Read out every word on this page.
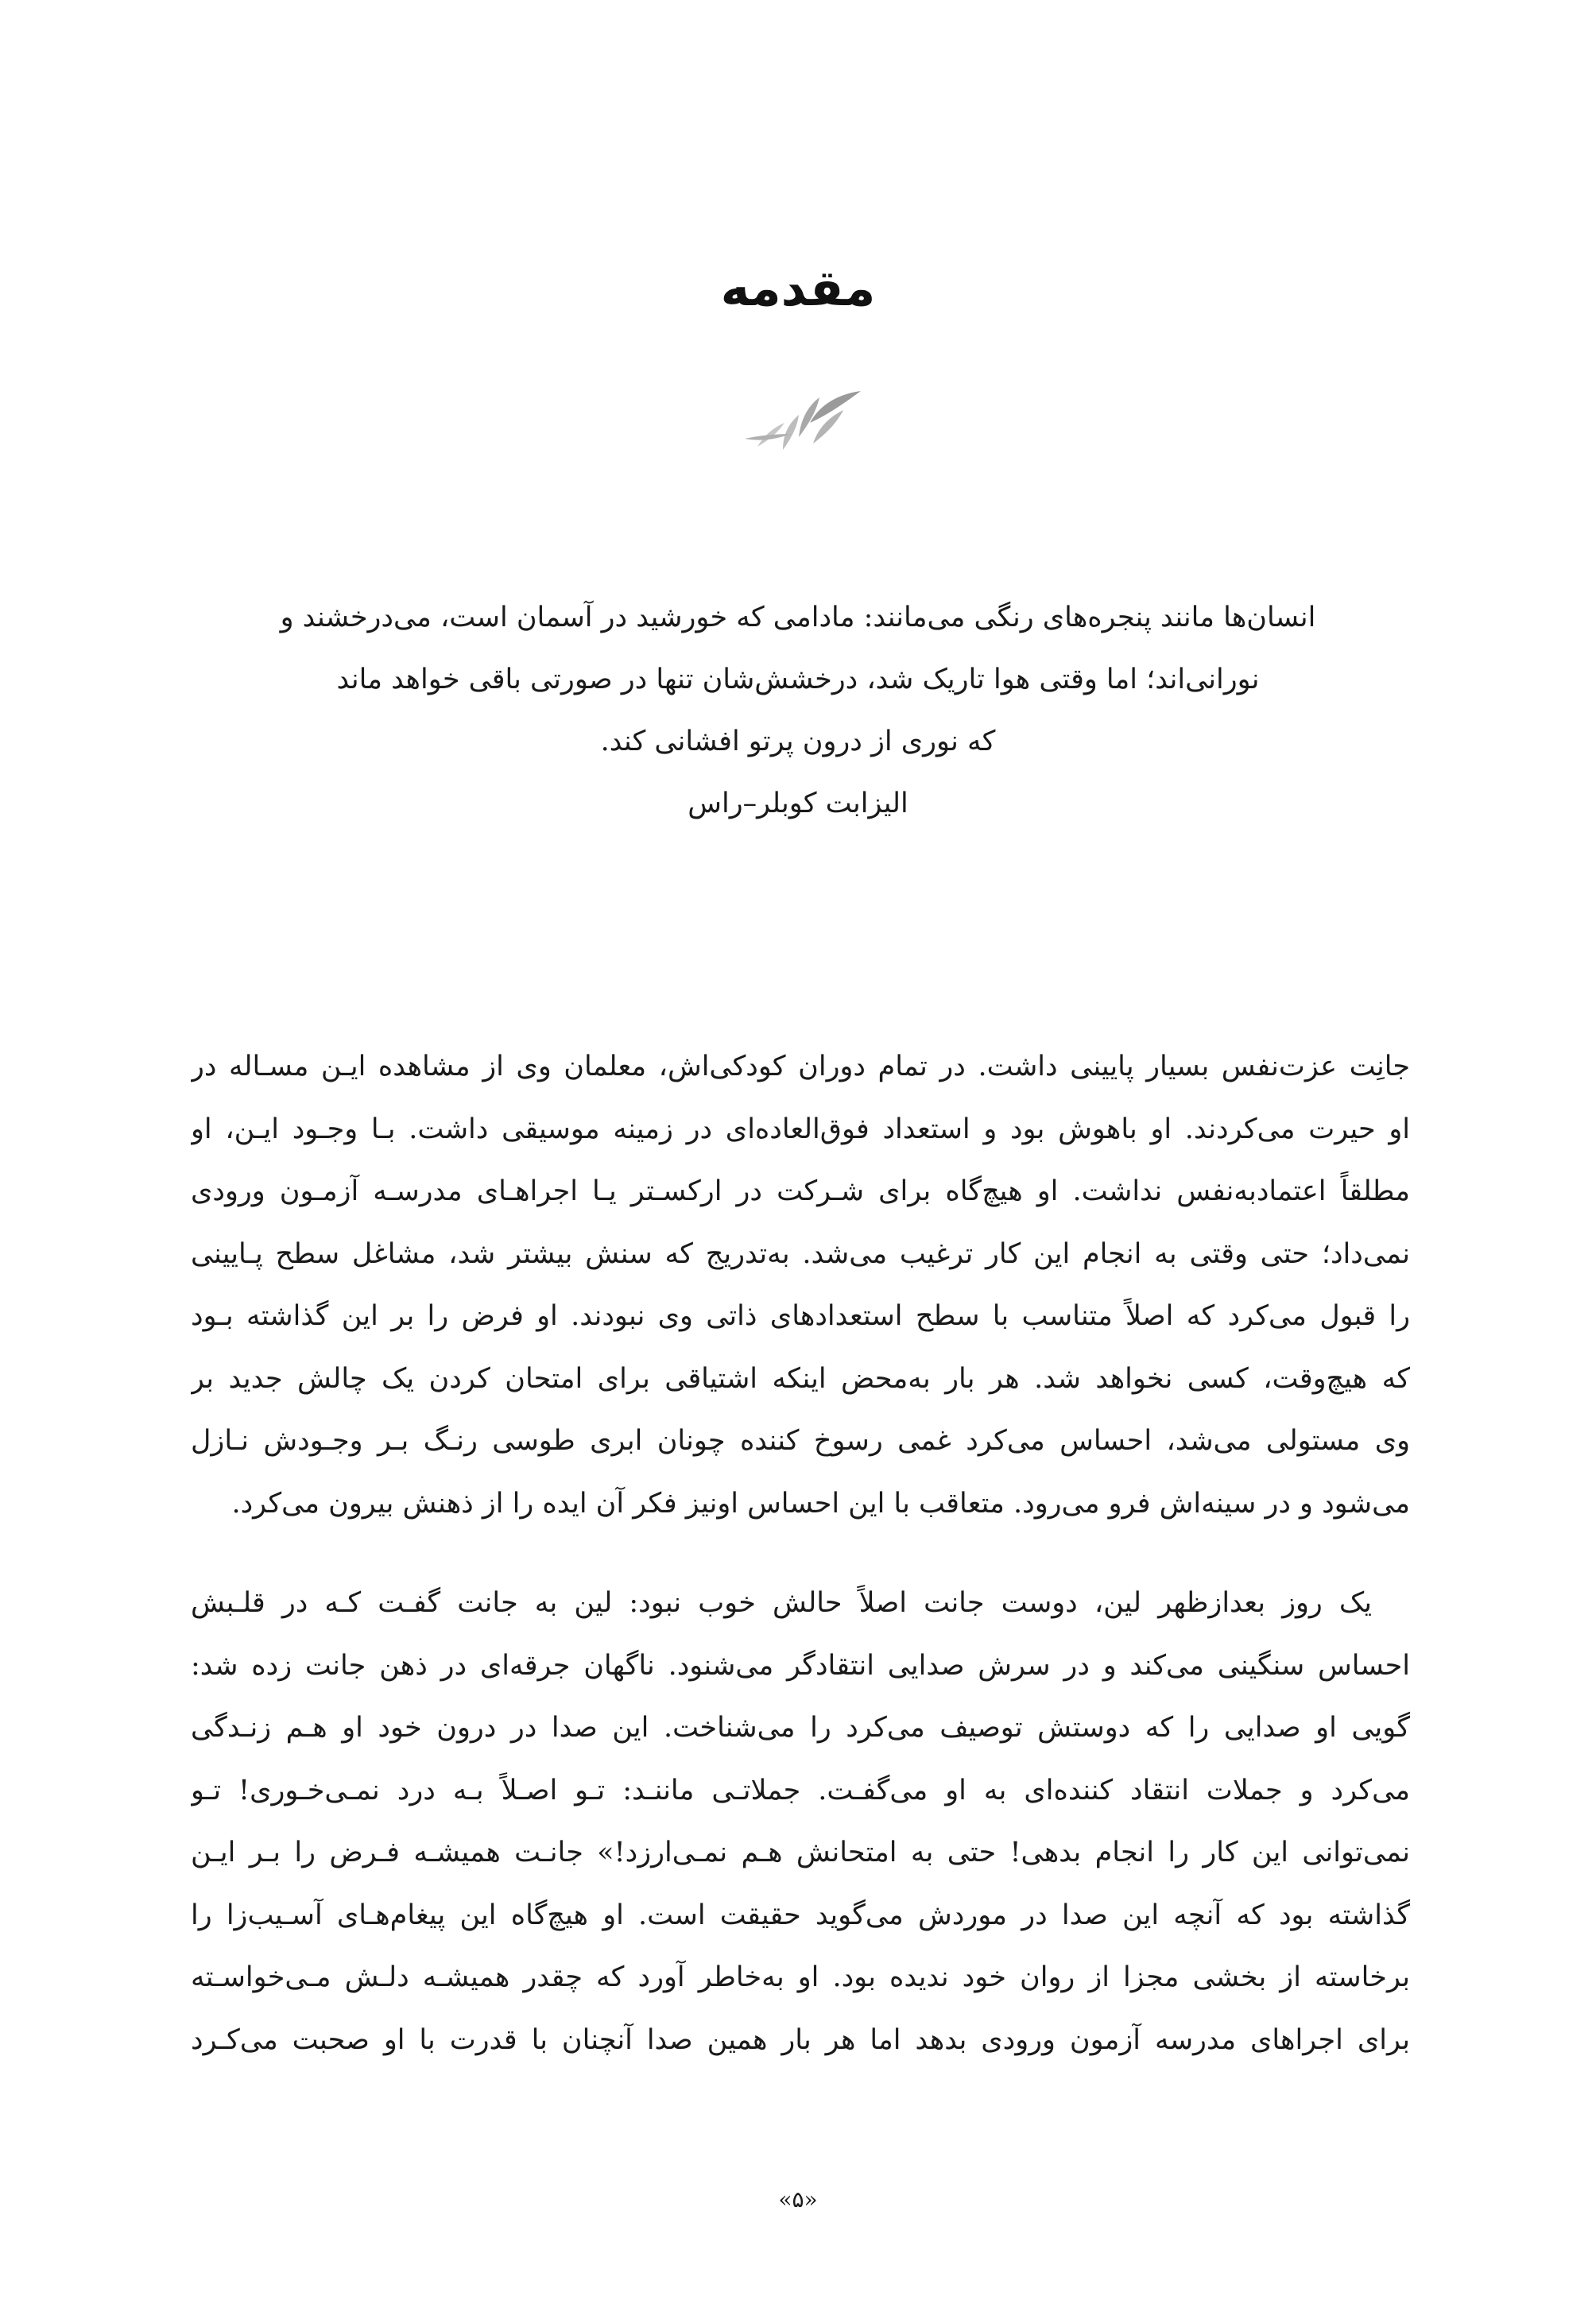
مقدمه
انسان‌ها مانند پنجره‌های رنگی می‌مانند: مادامی که خورشید در آسمان است، می‌درخشند و
نورانی‌اند؛ اما وقتی هوا تاریک شد، درخشش‌شان تنها در صورتی باقی خواهد ماند
که نوری از درون پرتو افشانی کند.
الیزابت کوبلر–راس
جانِت عزت‌نفس بسیار پایینی داشت. در تمام دوران کودکی‌اش، معلمان وی از مشاهده ایـن مسـاله در
او حیرت می‌کردند. او باهوش بود و استعداد فوق‌العاده‌ای در زمینه موسیقی داشت. بـا وجـود ایـن، او
مطلقاً اعتمادبه‌نفس نداشت. او هیچ‌گاه برای شـرکت در ارکسـتر یـا اجراهـای مدرسـه آزمـون ورودی
نمی‌داد؛ حتی وقتی به انجام این کار ترغیب می‌شد. به‌تدریج که سنش بیشتر شد، مشاغل سطح پـایینی
را قبول می‌کرد که اصلاً متناسب با سطح استعدادهای ذاتی وی نبودند. او فرض را بر این گذاشته بـود
که هیچ‌وقت، کسی نخواهد شد. هر بار به‌محض اینکه اشتیاقی برای امتحان کردن یک چالش جدید بر
وی مستولی می‌شد، احساس می‌کرد غمی رسوخ کننده چونان ابری طوسی رنـگ بـر وجـودش نـازل
می‌شود و در سینه‌اش فرو می‌رود. متعاقب با این احساس اونیز فکر آن ایده را از ذهنش بیرون می‌کرد.
یک روز بعدازظهر لین، دوست جانت اصلاً حالش خوب نبود: لین به جانت گفـت کـه در قلـبش
احساس سنگینی می‌کند و در سرش صدایی انتقادگر می‌شنود. ناگهان جرقه‌ای در ذهن جانت زده شد:
گویی او صدایی را که دوستش توصیف می‌کرد را می‌شناخت. این صدا در درون خود او هـم زنـدگی
می‌کرد و جملات انتقاد کننده‌ای به او می‌گفـت. جملاتـی ماننـد: تـو اصـلاً بـه درد نمـی‌خـوری! تـو
نمی‌توانی این کار را انجام بدهی! حتی به امتحانش هـم نمـی‌ارزد!» جانـت همیشـه فـرض را بـر ایـن
گذاشته بود که آنچه این صدا در موردش می‌گوید حقیقت است. او هیچ‌گاه این پیغام‌هـای آسـیب‌زا را
برخاسته از بخشی مجزا از روان خود ندیده بود. او به‌خاطر آورد که چقدر همیشـه دلـش مـی‌خواسـته
برای اجراهای مدرسه آزمون ورودی بدهد اما هر بار همین صدا آنچنان با قدرت با او صحبت می‌کـرد
«۵»
